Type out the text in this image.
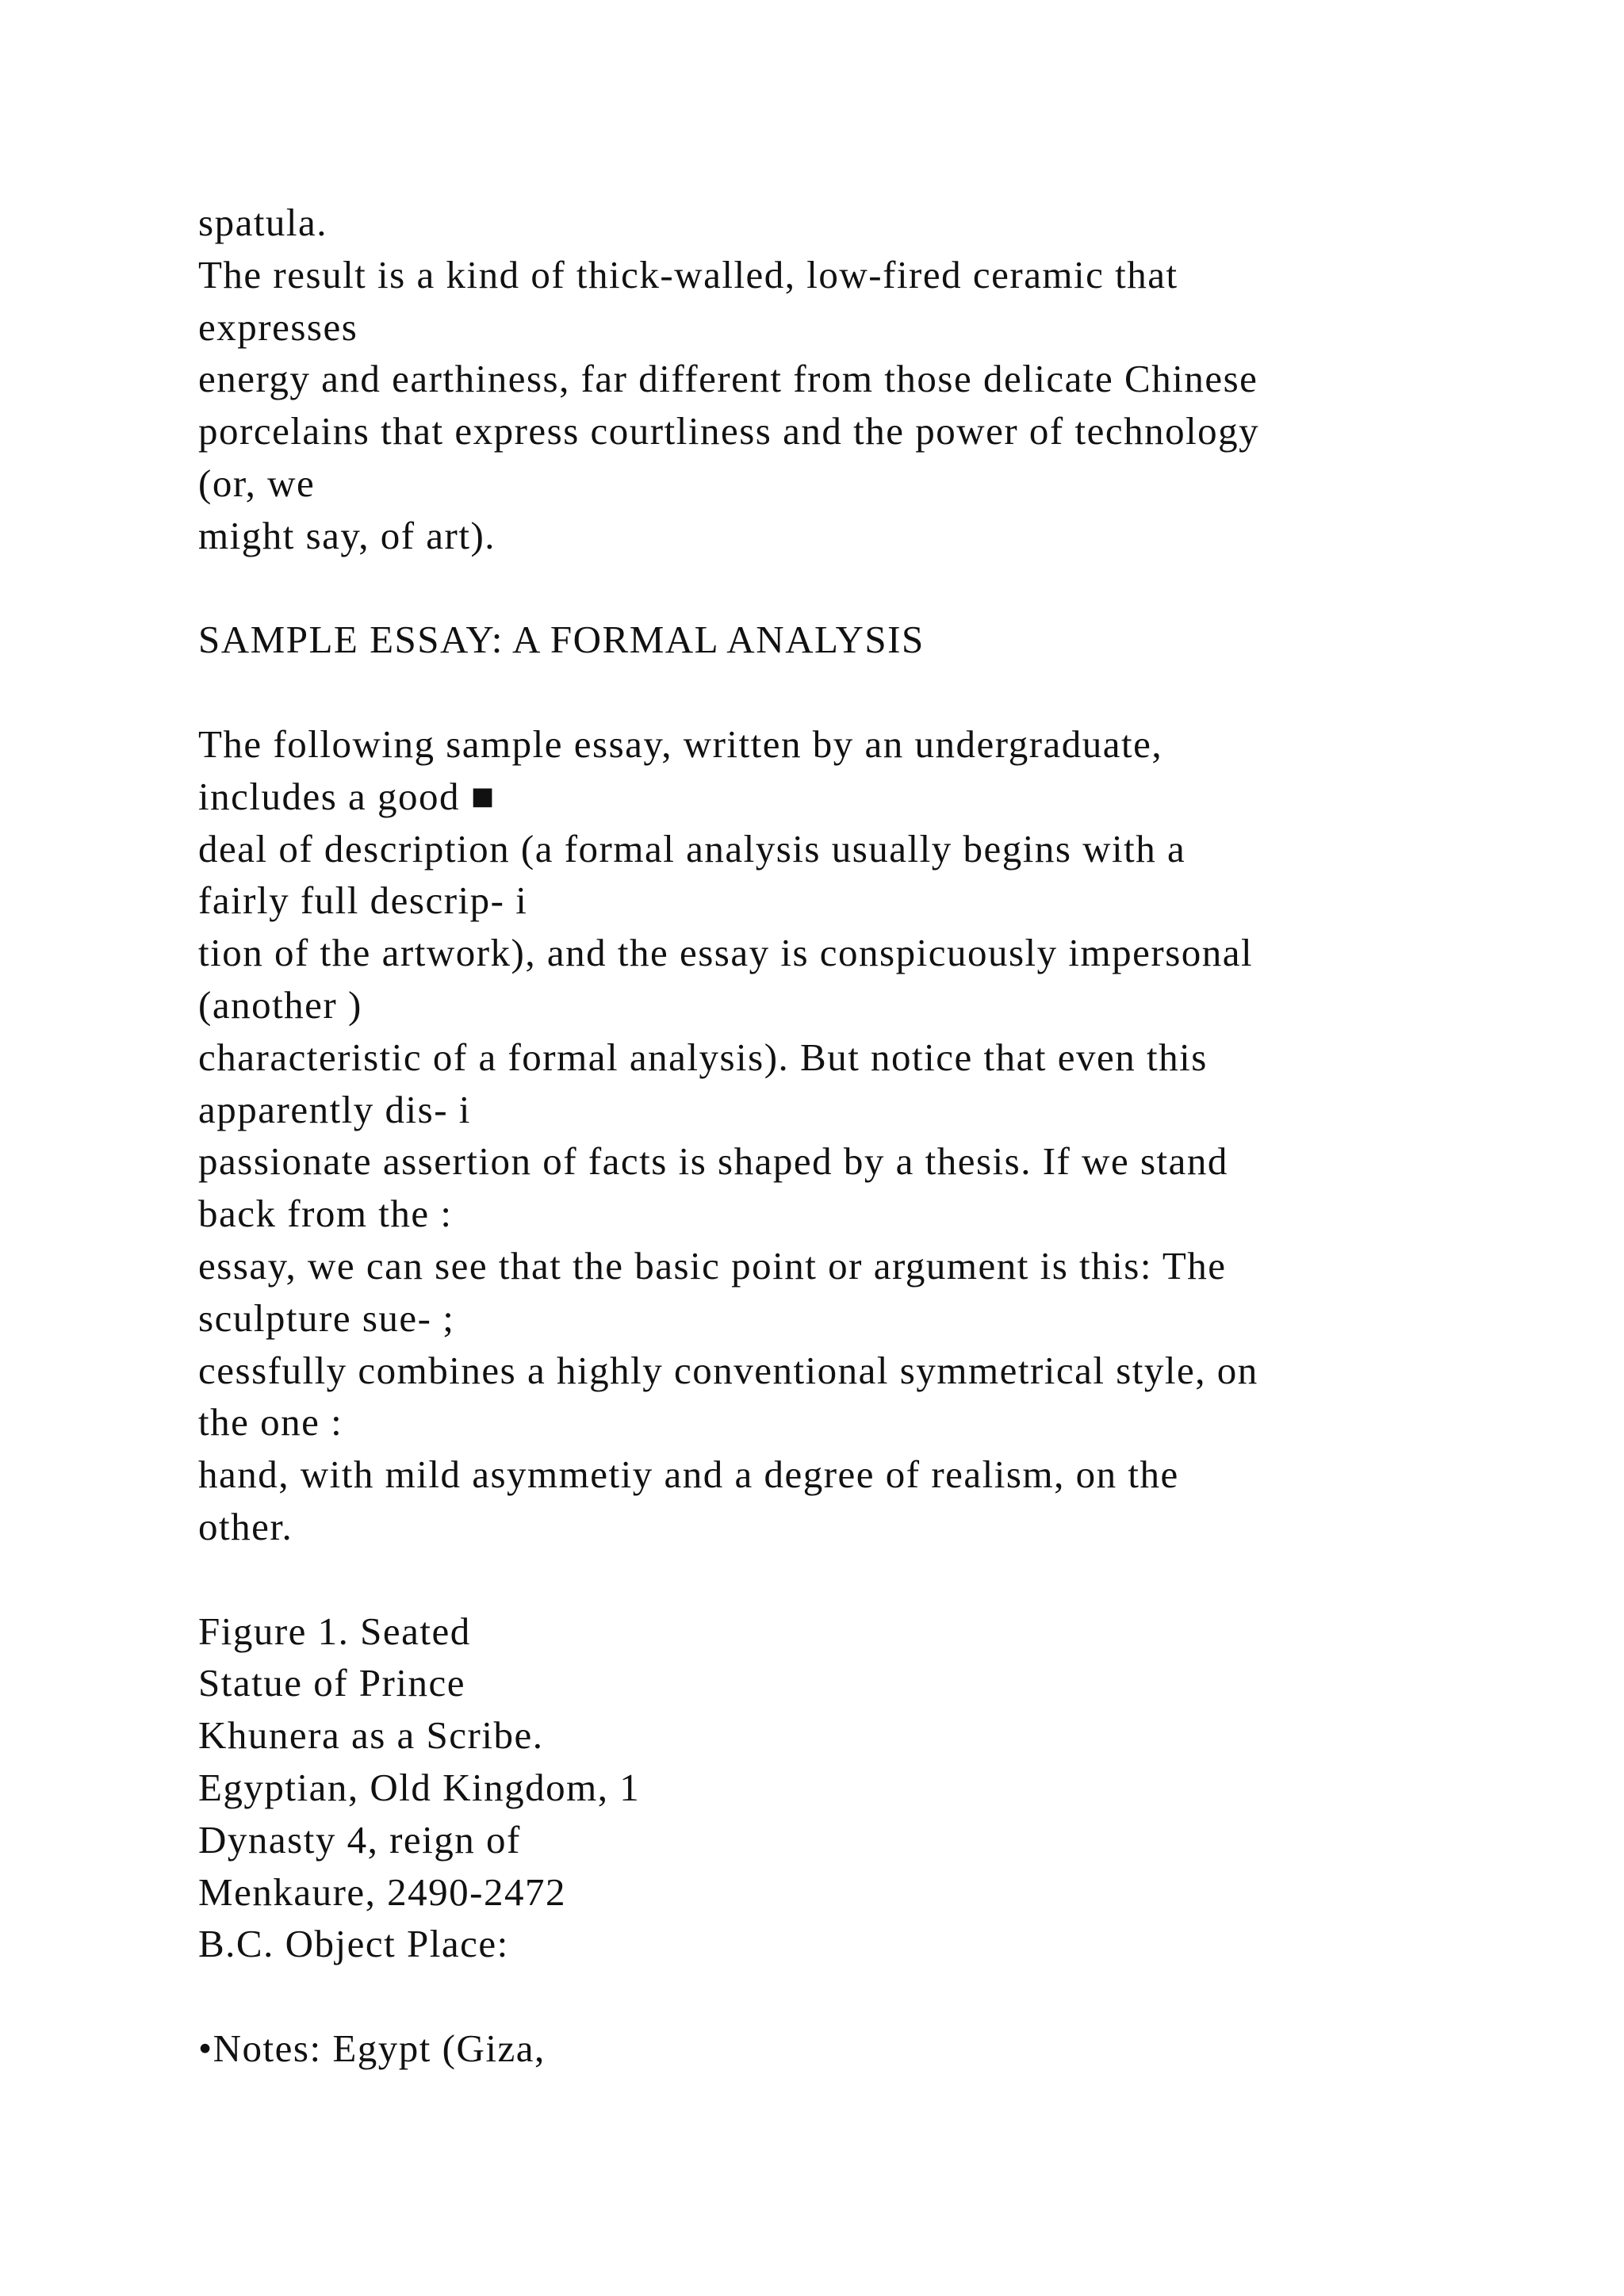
spatula.
The result is a kind of thick-walled, low-fired ceramic that
expresses
energy and earthiness, far different from those delicate Chinese
porcelains that express courtliness and the power of technology
(or, we
might say, of art).
SAMPLE ESSAY: A FORMAL ANALYSIS
The following sample essay, written by an undergraduate,
includes a good ■
deal of description (a formal analysis usually begins with a
fairly full descrip- i
tion of the artwork), and the essay is conspicuously impersonal
(another )
characteristic of a formal analysis). But notice that even this
apparently dis- i
passionate assertion of facts is shaped by a thesis. If we stand
back from the :
essay, we can see that the basic point or argument is this: The
sculpture sue- ;
cessfully combines a highly conventional symmetrical style, on
the one :
hand, with mild asymmetiy and a degree of realism, on the
other.
Figure 1. Seated
Statue of Prince
Khunera as a Scribe.
Egyptian, Old Kingdom, 1
Dynasty 4, reign of
Menkaure, 2490-2472
B.C. Object Place:
•Notes: Egypt (Giza,
